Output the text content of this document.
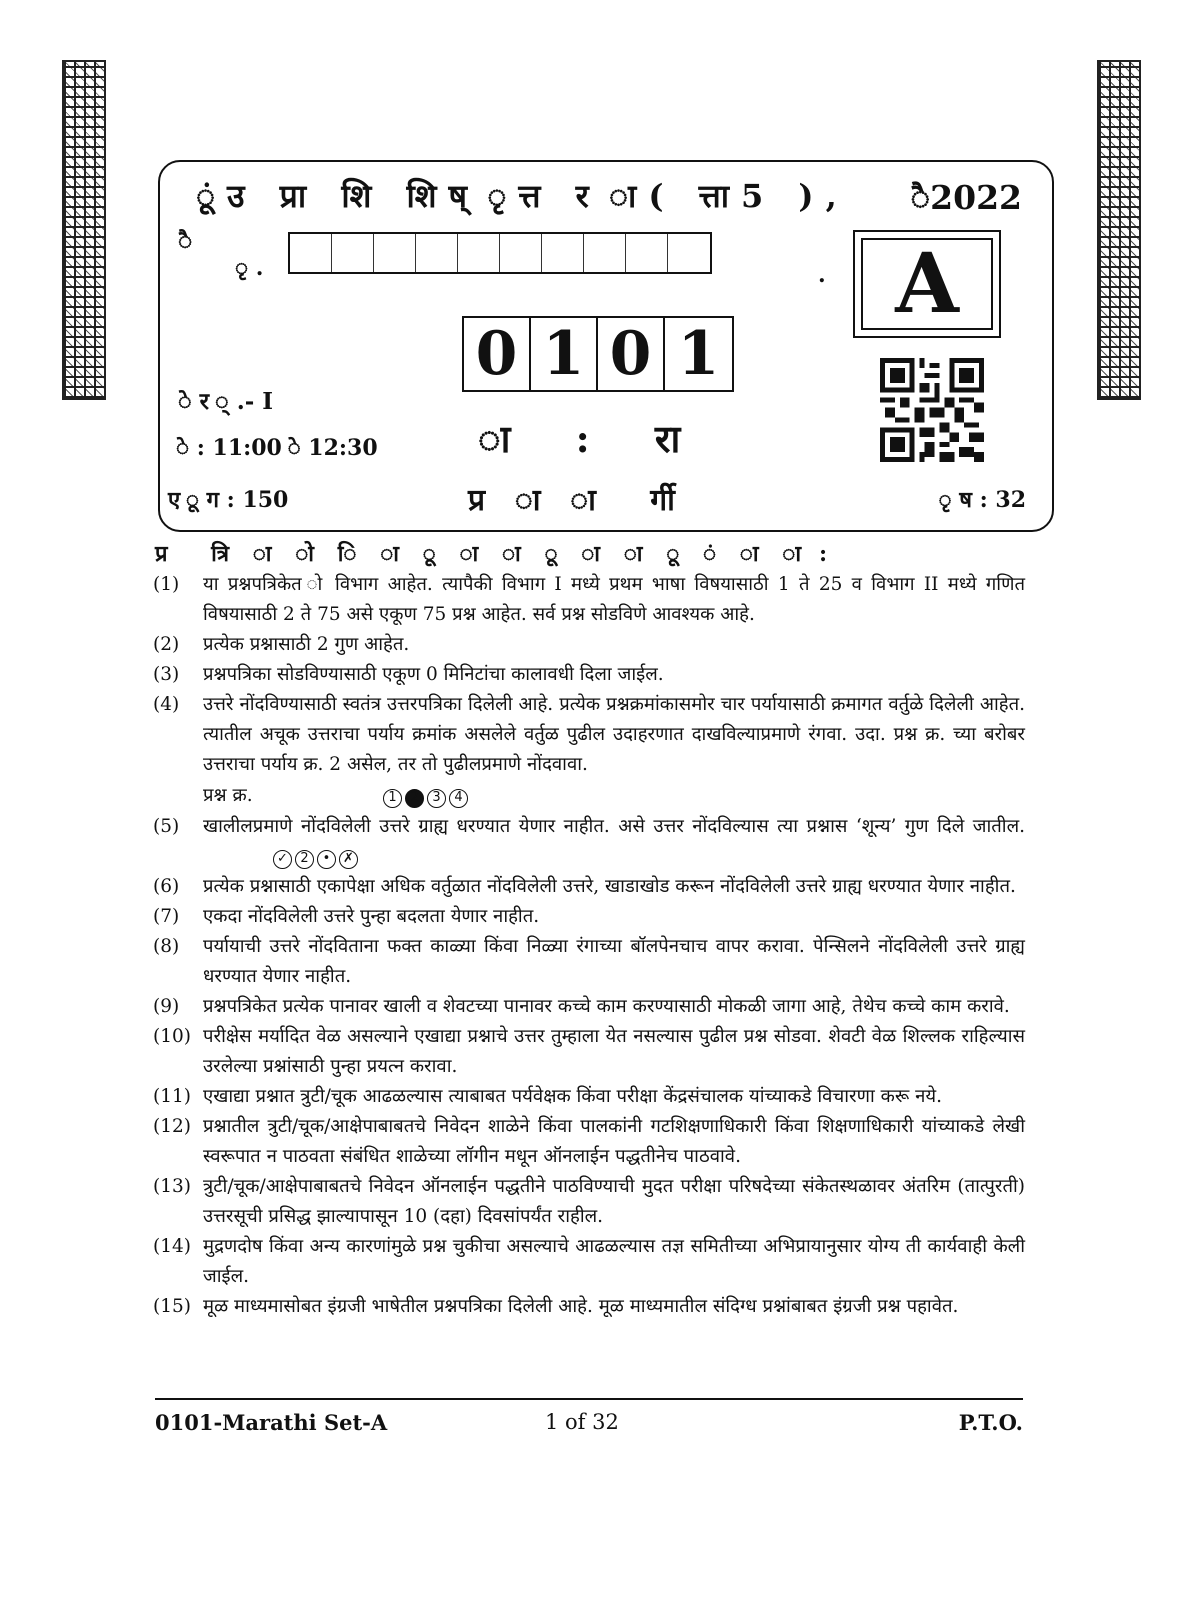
ूंउ प्रा शि शिष् ृत्त र ा( त्ता5 ), ै2022
ै
ृ .	. A
0 1 0 1
े र ् .- I
े : 11:00 े 12:30	ा : रा
ए ू ग : 150	प्र ा ा र्गी	ृ ष : 32
प्र त्रि ा ो ि ा ू ा ा ू ा ा ू ं ा ा:
(1)	या प्रश्नपत्रिकेत ो विभाग आहेत. त्यापैकी विभाग I मध्ये प्रथम भाषा विषयासाठी 1 ते 25 व विभाग II मध्ये गणित विषयासाठी 2 ते 75 असे एकूण 75 प्रश्न आहेत. सर्व प्रश्न सोडविणे आवश्यक आहे.
(2)	प्रत्येक प्रश्नासाठी 2 गुण आहेत.
(3)	प्रश्नपत्रिका सोडविण्यासाठी एकूण 0 मिनिटांचा कालावधी दिला जाईल.
(4)	उत्तरे नोंदविण्यासाठी स्वतंत्र उत्तरपत्रिका दिलेली आहे. प्रत्येक प्रश्नक्रमांकासमोर चार पर्यायासाठी क्रमागत वर्तुळे दिलेली आहेत. त्यातील अचूक उत्तराचा पर्याय क्रमांक असलेले वर्तुळ पुढील उदाहरणात दाखविल्याप्रमाणे रंगवा. उदा. प्रश्न क्र. च्या बरोबर उत्तराचा पर्याय क्र. 2 असेल, तर तो पुढीलप्रमाणे नोंदवावा.
प्रश्न क्र.	1 2 3 4
(5)	खालीलप्रमाणे नोंदविलेली उत्तरे ग्राह्य धरण्यात येणार नाहीत. असे उत्तर नोंदविल्यास त्या प्रश्नास ‘शून्य’ गुण दिले जातील. ✓ 2 • ✗
(6)	प्रत्येक प्रश्नासाठी एकापेक्षा अधिक वर्तुळात नोंदविलेली उत्तरे, खाडाखोड करून नोंदविलेली उत्तरे ग्राह्य धरण्यात येणार नाहीत.
(7)	एकदा नोंदविलेली उत्तरे पुन्हा बदलता येणार नाहीत.
(8)	पर्यायाची उत्तरे नोंदविताना फक्त काळ्या किंवा निळ्या रंगाच्या बॉलपेनचाच वापर करावा. पेन्सिलने नोंदविलेली उत्तरे ग्राह्य धरण्यात येणार नाहीत.
(9)	प्रश्नपत्रिकेत प्रत्येक पानावर खाली व शेवटच्या पानावर कच्चे काम करण्यासाठी मोकळी जागा आहे, तेथेच कच्चे काम करावे.
(10) परीक्षेस मर्यादित वेळ असल्याने एखाद्या प्रश्नाचे उत्तर तुम्हाला येत नसल्यास पुढील प्रश्न सोडवा. शेवटी वेळ शिल्लक राहिल्यास उरलेल्या प्रश्नांसाठी पुन्हा प्रयत्न करावा.
(11) एखाद्या प्रश्नात त्रुटी/चूक आढळल्यास त्याबाबत पर्यवेक्षक किंवा परीक्षा केंद्रसंचालक यांच्याकडे विचारणा करू नये.
(12) प्रश्नातील त्रुटी/चूक/आक्षेपाबाबतचे निवेदन शाळेने किंवा पालकांनी गटशिक्षणाधिकारी किंवा शिक्षणाधिकारी यांच्याकडे लेखी स्वरूपात न पाठवता संबंधित शाळेच्या लॉगीन मधून ऑनलाईन पद्धतीनेच पाठवावे.
(13) त्रुटी/चूक/आक्षेपाबाबतचे निवेदन ऑनलाईन पद्धतीने पाठविण्याची मुदत परीक्षा परिषदेच्या संकेतस्थळावर अंतरिम (तात्पुरती) उत्तरसूची प्रसिद्ध झाल्यापासून 10 (दहा) दिवसांपर्यंत राहील.
(14) मुद्रणदोष किंवा अन्य कारणांमुळे प्रश्न चुकीचा असल्याचे आढळल्यास तज्ञ समितीच्या अभिप्रायानुसार योग्य ती कार्यवाही केली जाईल.
(15) मूळ माध्यमासोबत इंग्रजी भाषेतील प्रश्नपत्रिका दिलेली आहे. मूळ माध्यमातील संदिग्ध प्रश्नांबाबत इंग्रजी प्रश्न पहावेत.
0101-Marathi Set-A	1 of 32	P.T.O.
